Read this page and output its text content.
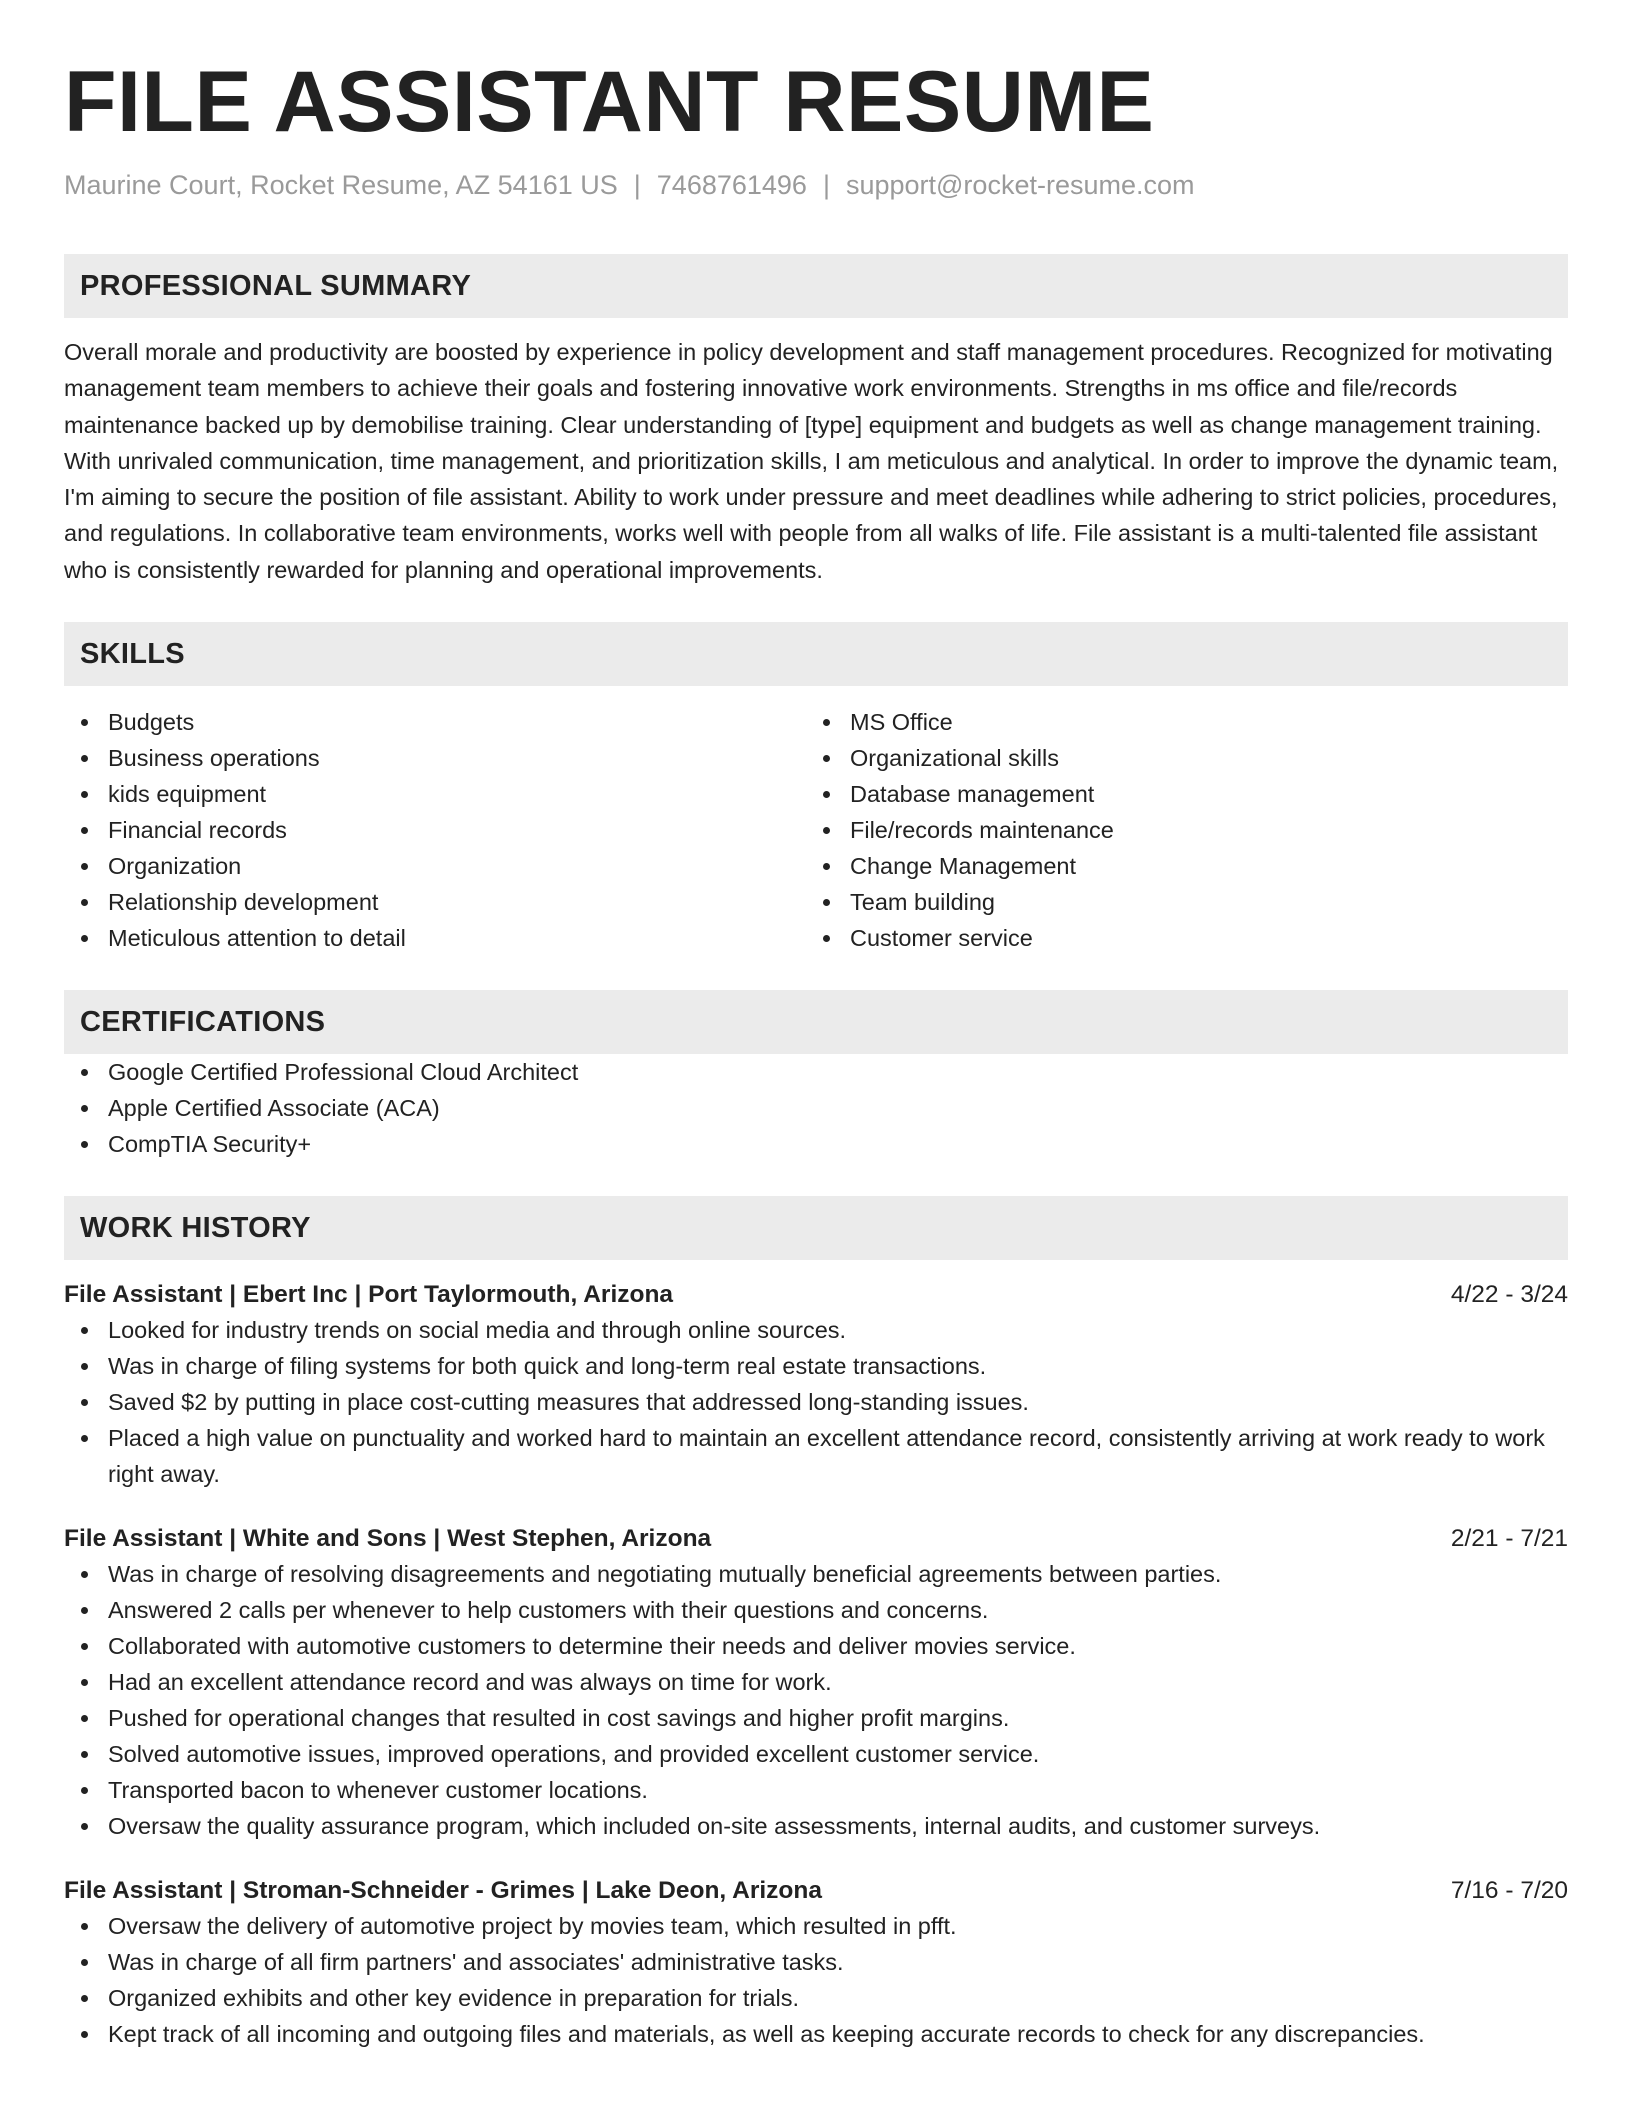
FILE ASSISTANT RESUME
Maurine Court, Rocket Resume, AZ 54161 US | 7468761496 | support@rocket-resume.com
PROFESSIONAL SUMMARY
Overall morale and productivity are boosted by experience in policy development and staff management procedures. Recognized for motivating management team members to achieve their goals and fostering innovative work environments. Strengths in ms office and file/records maintenance backed up by demobilise training. Clear understanding of [type] equipment and budgets as well as change management training. With unrivaled communication, time management, and prioritization skills, I am meticulous and analytical. In order to improve the dynamic team, I'm aiming to secure the position of file assistant. Ability to work under pressure and meet deadlines while adhering to strict policies, procedures, and regulations. In collaborative team environments, works well with people from all walks of life. File assistant is a multi-talented file assistant who is consistently rewarded for planning and operational improvements.
SKILLS
Budgets
Business operations
kids equipment
Financial records
Organization
Relationship development
Meticulous attention to detail
MS Office
Organizational skills
Database management
File/records maintenance
Change Management
Team building
Customer service
CERTIFICATIONS
Google Certified Professional Cloud Architect
Apple Certified Associate (ACA)
CompTIA Security+
WORK HISTORY
File Assistant | Ebert Inc | Port Taylormouth, Arizona	4/22 - 3/24
Looked for industry trends on social media and through online sources.
Was in charge of filing systems for both quick and long-term real estate transactions.
Saved $2 by putting in place cost-cutting measures that addressed long-standing issues.
Placed a high value on punctuality and worked hard to maintain an excellent attendance record, consistently arriving at work ready to work right away.
File Assistant | White and Sons | West Stephen, Arizona	2/21 - 7/21
Was in charge of resolving disagreements and negotiating mutually beneficial agreements between parties.
Answered 2 calls per whenever to help customers with their questions and concerns.
Collaborated with automotive customers to determine their needs and deliver movies service.
Had an excellent attendance record and was always on time for work.
Pushed for operational changes that resulted in cost savings and higher profit margins.
Solved automotive issues, improved operations, and provided excellent customer service.
Transported bacon to whenever customer locations.
Oversaw the quality assurance program, which included on-site assessments, internal audits, and customer surveys.
File Assistant | Stroman-Schneider - Grimes | Lake Deon, Arizona	7/16 - 7/20
Oversaw the delivery of automotive project by movies team, which resulted in pfft.
Was in charge of all firm partners' and associates' administrative tasks.
Organized exhibits and other key evidence in preparation for trials.
Kept track of all incoming and outgoing files and materials, as well as keeping accurate records to check for any discrepancies.
